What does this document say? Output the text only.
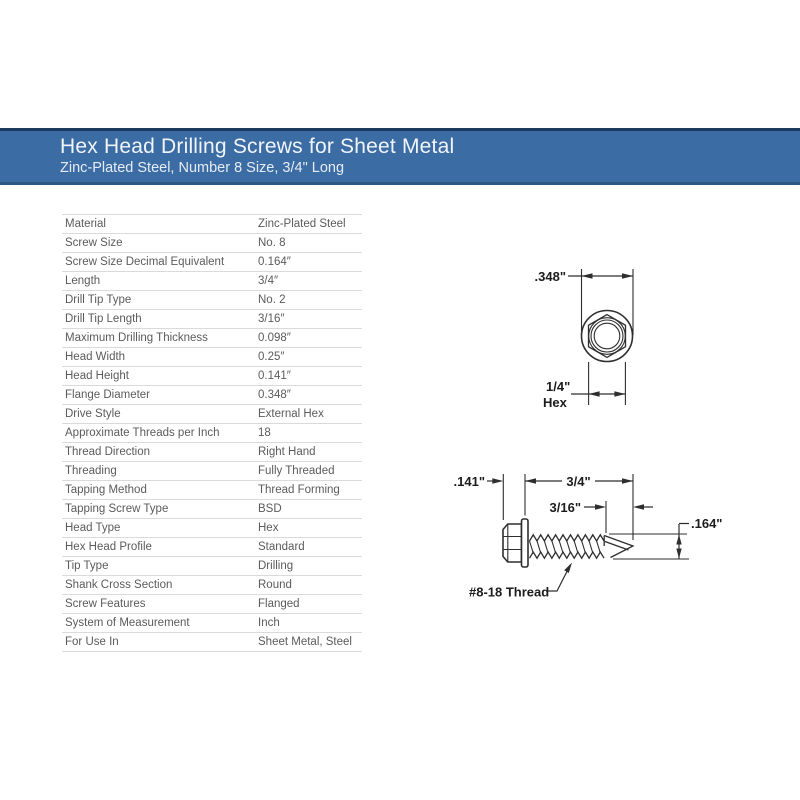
Hex Head Drilling Screws for Sheet Metal
Zinc-Plated Steel, Number 8 Size, 3/4" Long
Material	Zinc-Plated Steel
Screw Size	No. 8
Screw Size Decimal Equivalent	0.164″
Length	3/4″
Drill Tip Type	No. 2
Drill Tip Length	3/16″
Maximum Drilling Thickness	0.098″
Head Width	0.25″
Head Height	0.141″
Flange Diameter	0.348″
Drive Style	External Hex
Approximate Threads per Inch	18
Thread Direction	Right Hand
Threading	Fully Threaded
Tapping Method	Thread Forming
Tapping Screw Type	BSD
Head Type	Hex
Hex Head Profile	Standard
Tip Type	Drilling
Shank Cross Section	Round
Screw Features	Flanged
System of Measurement	Inch
For Use In	Sheet Metal, Steel
.348"
1/4"
Hex
.141"	3/4"
3/16"
.164"
#8-18 Thread
